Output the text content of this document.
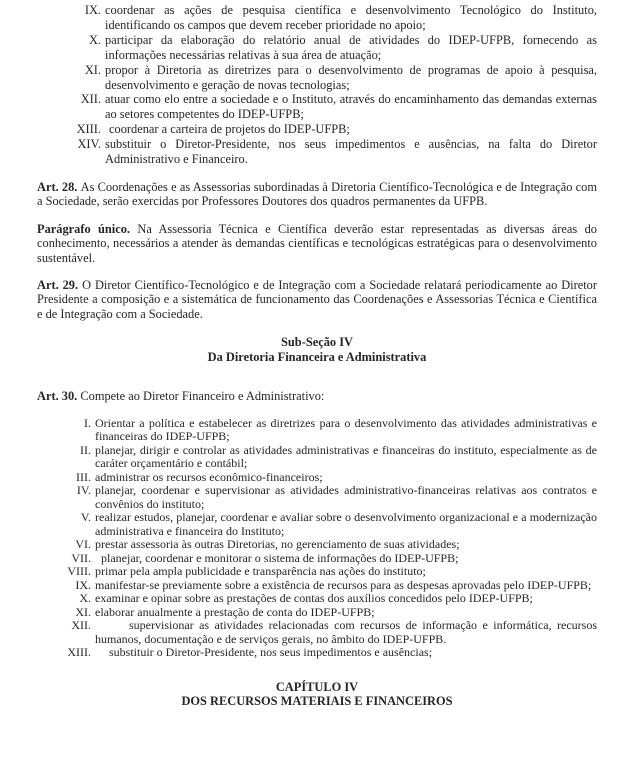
IX. coordenar as ações de pesquisa científica e desenvolvimento Tecnológico do Instituto, identificando os campos que devem receber prioridade no apoio;
X. participar da elaboração do relatório anual de atividades do IDEP-UFPB, fornecendo as informações necessárias relativas à sua área de atuação;
XI. propor à Diretoria as diretrizes para o desenvolvimento de programas de apoio à pesquisa, desenvolvimento e geração de novas tecnologias;
XII. atuar como elo entre a sociedade e o Instituto, através do encaminhamento das demandas externas ao setores competentes do IDEP-UFPB;
XIII. coordenar a carteira de projetos do IDEP-UFPB;
XIV. substituir o Diretor-Presidente, nos seus impedimentos e ausências, na falta do Diretor Administrativo e Financeiro.

Art. 28. As Coordenações e as Assessorias subordinadas à Diretoria Científico-Tecnológica e de Integração com a Sociedade, serão exercidas por Professores Doutores dos quadros permanentes da UFPB.

Parágrafo único. Na Assessoria Técnica e Científica deverão estar representadas as diversas áreas do conhecimento, necessários a atender às demandas científicas e tecnológicas estratégicas para o desenvolvimento sustentável.

Art. 29. O Diretor Científico-Tecnológico e de Integração com a Sociedade relatará periodicamente ao Diretor Presidente a composição e a sistemática de funcionamento das Coordenações e Assessorias Técnica e Científica e de Integração com a Sociedade.

Sub-Seção IV
Da Diretoria Financeira e Administrativa

Art. 30. Compete ao Diretor Financeiro e Administrativo:

I. Orientar a política e estabelecer as diretrizes para o desenvolvimento das atividades administrativas e financeiras do IDEP-UFPB;
II. planejar, dirigir e controlar as atividades administrativas e financeiras do instituto, especialmente as de caráter orçamentário e contábil;
III. administrar os recursos econômico-financeiros;
IV. planejar, coordenar e supervisionar as atividades administrativo-financeiras relativas aos contratos e convênios do instituto;
V. realizar estudos, planejar, coordenar e avaliar sobre o desenvolvimento organizacional e a modernização administrativa e financeira do Instituto;
VI. prestar assessoria às outras Diretorias, no gerenciamento de suas atividades;
VII. planejar, coordenar e monitorar o sistema de informações do IDEP-UFPB;
VIII. primar pela ampla publicidade e transparência nas ações do instituto;
IX. manifestar-se previamente sobre a existência de recursos para as despesas aprovadas pelo IDEP-UFPB;
X. examinar e opinar sobre as prestações de contas dos auxílios concedidos pelo IDEP-UFPB;
XI. elaborar anualmente a prestação de conta do IDEP-UFPB;
XII.	supervisionar as atividades relacionadas com recursos de informação e informática, recursos humanos, documentação e de serviços gerais, no âmbito do IDEP-UFPB.
XIII.	substituir o Diretor-Presidente, nos seus impedimentos e ausências;
CAPÍTULO IV
DOS RECURSOS MATERIAIS E FINANCEIROS
